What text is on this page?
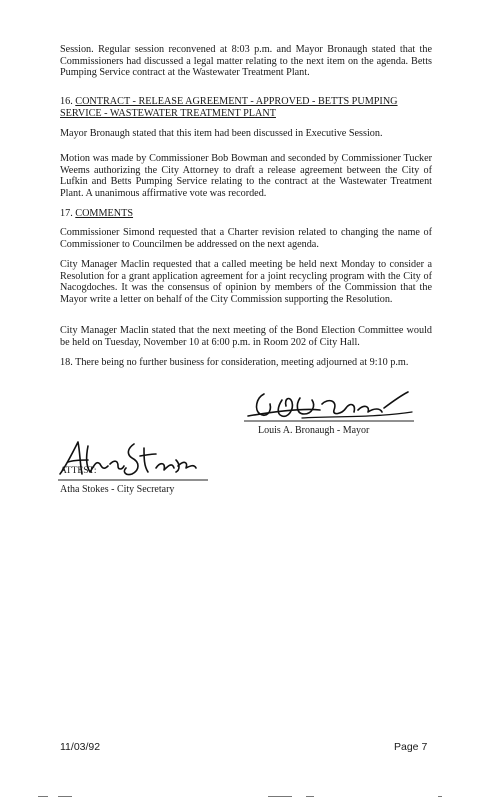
Session. Regular session reconvened at 8:03 p.m. and Mayor Bronaugh stated that the Commissioners had discussed a legal matter relating to the next item on the agenda. Betts Pumping Service contract at the Wastewater Treatment Plant.

16. CONTRACT - RELEASE AGREEMENT - APPROVED - BETTS PUMPING SERVICE - WASTEWATER TREATMENT PLANT

Mayor Bronaugh stated that this item had been discussed in Executive Session.

Motion was made by Commissioner Bob Bowman and seconded by Commissioner Tucker Weems authorizing the City Attorney to draft a release agreement between the City of Lufkin and Betts Pumping Service relating to the contract at the Wastewater Treatment Plant. A unanimous affirmative vote was recorded.

17. COMMENTS

Commissioner Simond requested that a Charter revision related to changing the name of Commissioner to Councilmen be addressed on the next agenda.

City Manager Maclin requested that a called meeting be held next Monday to consider a Resolution for a grant application agreement for a joint recycling program with the City of Nacogdoches. It was the consensus of opinion by members of the Commission that the Mayor write a letter on behalf of the City Commission supporting the Resolution.

City Manager Maclin stated that the next meeting of the Bond Election Committee would be held on Tuesday, November 10 at 6:00 p.m. in Room 202 of City Hall.

18. There being no further business for consideration, meeting adjourned at 9:10 p.m.

Louis A. Bronaugh - Mayor

ATTEST:

Atha Stokes - City Secretary

11/03/92	Page 7
